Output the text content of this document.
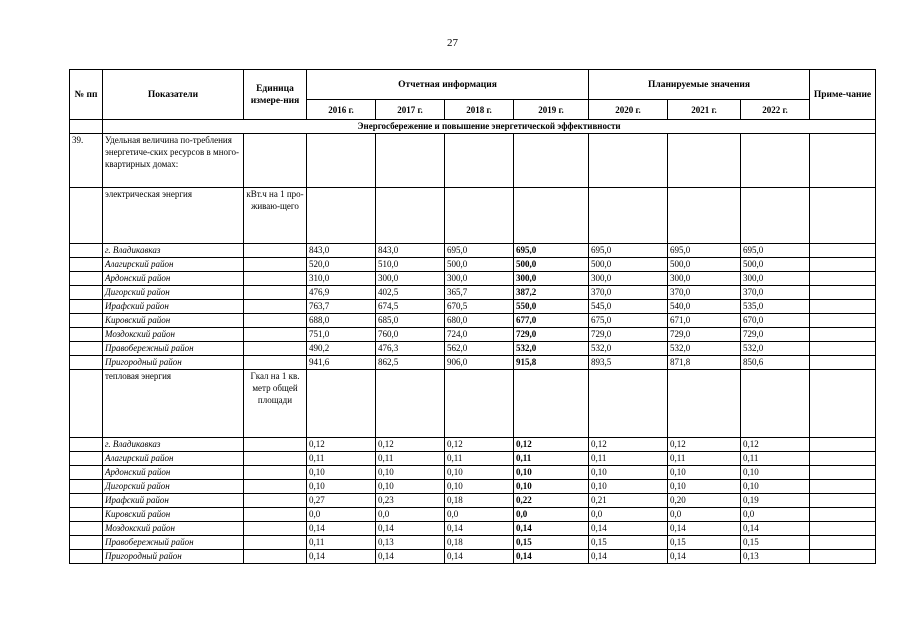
27
№ пп	Показатели	Единица измере-ния	Отчетная информация				Планируемые значения			Приме-чание
			2016 г.	2017 г.	2018 г.	2019 г.	2020 г.	2021 г.	2022 г.	
	Энергосбережение и повышение энергетической эффективности									
39.	Удельная величина по-требления энергетиче-ских ресурсов в много-квартирных домах:									
	электрическая энергия	кВт.ч на 1 про-живаю-щего								
	г. Владикавказ		843,0	843,0	695,0	695,0	695,0	695,0	695,0	
	Алагирский район		520,0	510,0	500,0	500,0	500,0	500,0	500,0	
	Ардонский район		310,0	300,0	300,0	300,0	300,0	300,0	300,0	
	Дигорский район		476,9	402,5	365,7	387,2	370,0	370,0	370,0	
	Ирафский район		763,7	674,5	670,5	550,0	545,0	540,0	535,0	
	Кировский район		688,0	685,0	680,0	677,0	675,0	671,0	670,0	
	Моздокский район		751,0	760,0	724,0	729,0	729,0	729,0	729,0	
	Правобережный район		490,2	476,3	562,0	532,0	532,0	532,0	532,0	
	Пригородный район		941,6	862,5	906,0	915,8	893,5	871,8	850,6	
	тепловая энергия	Гкал на 1 кв. метр общей площади								
	г. Владикавказ		0,12	0,12	0,12	0,12	0,12	0,12	0,12	
	Алагирский район		0,11	0,11	0,11	0,11	0,11	0,11	0,11	
	Ардонский район		0,10	0,10	0,10	0,10	0,10	0,10	0,10	
	Дигорский район		0,10	0,10	0,10	0,10	0,10	0,10	0,10	
	Ирафский район		0,27	0,23	0,18	0,22	0,21	0,20	0,19	
	Кировский район		0,0	0,0	0,0	0,0	0,0	0,0	0,0	
	Моздокский район		0,14	0,14	0,14	0,14	0,14	0,14	0,14	
	Правобережный район		0,11	0,13	0,18	0,15	0,15	0,15	0,15	
	Пригородный район		0,14	0,14	0,14	0,14	0,14	0,14	0,13	
